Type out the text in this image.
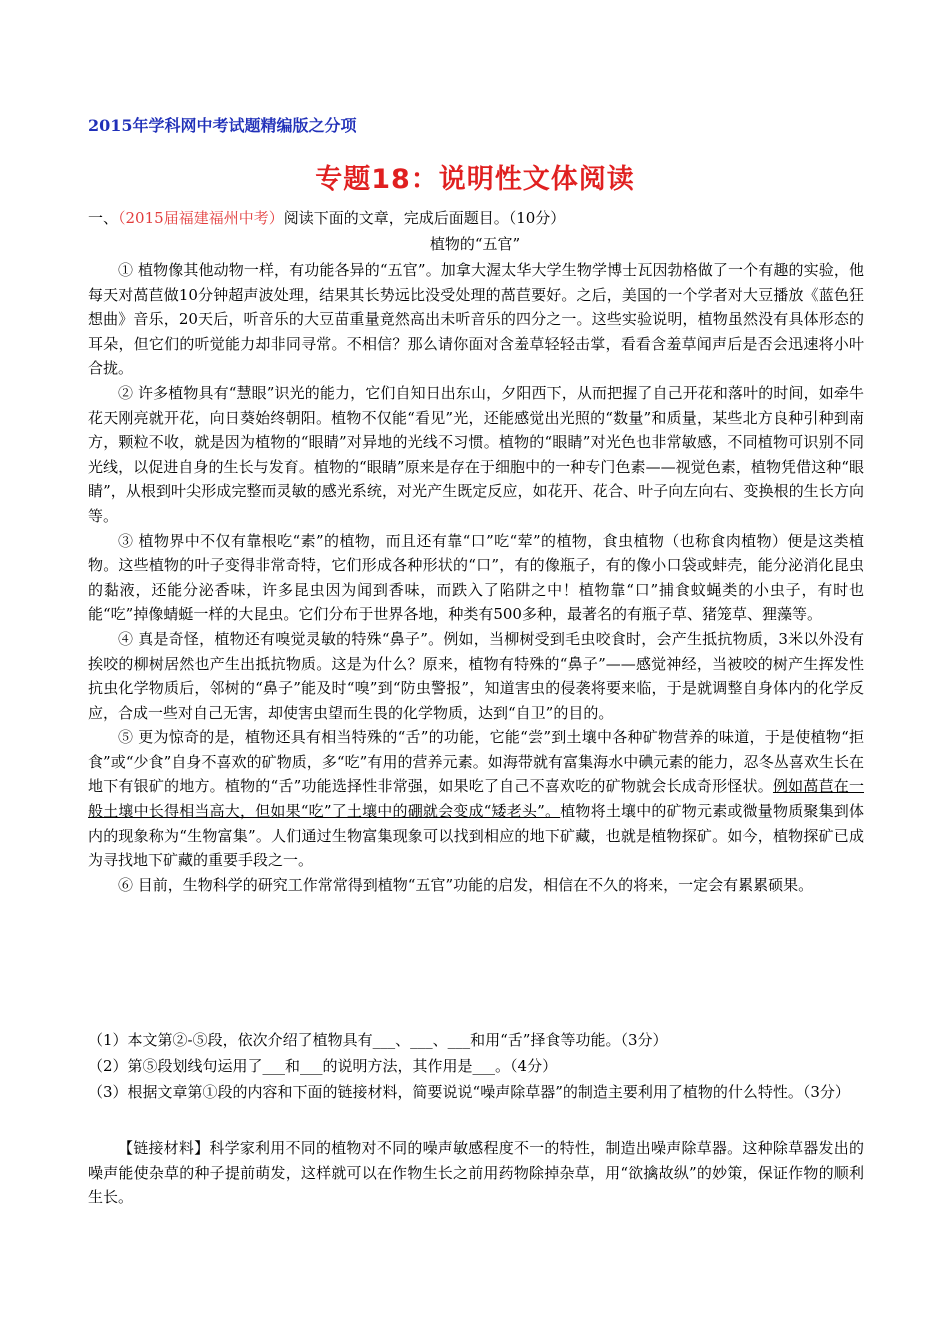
2015年学科网中考试题精编版之分项
专题18：说明性文体阅读
一、（2015届福建福州中考）阅读下面的文章，完成后面题目。（10分）
植物的“五官”

① 植物像其他动物一样，有功能各异的“五官”。加拿大渥太华大学生物学博士瓦因勃格做了一个有趣的实验，他每天对萵苣做10分钟超声波处理，结果其长势远比没受处理的萵苣要好。之后，美国的一个学者对大豆播放《蓝色狂想曲》音乐，20天后，听音乐的大豆苗重量竟然高出未听音乐的四分之一。这些实验说明，植物虽然没有具体形态的耳朵，但它们的听觉能力却非同寻常。不相信？那么请你面对含羞草轻轻击掌，看看含羞草闻声后是否会迅速将小叶合拢。

② 许多植物具有“慧眼”识光的能力，它们自知日出东山，夕阳西下，从而把握了自己开花和落叶的时间，如牵牛花天刚亮就开花，向日葵始终朝阳。植物不仅能“看见”光，还能感觉出光照的“数量”和质量，某些北方良种引种到南方，颗粒不收，就是因为植物的“眼睛”对异地的光线不习惯。植物的“眼睛”对光色也非常敏感，不同植物可识别不同光线，以促进自身的生长与发育。植物的“眼睛”原来是存在于细胞中的一种专门色素——视觉色素，植物凭借这种“眼睛”，从根到叶尖形成完整而灵敏的感光系统，对光产生既定反应，如花开、花合、叶子向左向右、变换根的生长方向等。

③ 植物界中不仅有靠根吃“素”的植物，而且还有靠“口”吃“荤”的植物，食虫植物（也称食肉植物）便是这类植物。这些植物的叶子变得非常奇特，它们形成各种形状的“口”，有的像瓶子，有的像小口袋或蚌壳，能分泌消化昆虫的黏液，还能分泌香味，许多昆虫因为闻到香味，而跌入了陷阱之中！植物靠“口”捕食蚊蝇类的小虫子，有时也能“吃”掉像蜻蜓一样的大昆虫。它们分布于世界各地，种类有500多种，最著名的有瓶子草、猪笼草、狸藻等。

④ 真是奇怪，植物还有嗅觉灵敏的特殊“鼻子”。例如，当柳树受到毛虫咬食时，会产生抵抗物质，3米以外没有挨咬的柳树居然也产生出抵抗物质。这是为什么？原来，植物有特殊的“鼻子”——感觉神经，当被咬的树产生挥发性抗虫化学物质后，邻树的“鼻子”能及时“嗅”到“防虫警报”，知道害虫的侵袭将要来临，于是就调整自身体内的化学反应，合成一些对自己无害，却使害虫望而生畏的化学物质，达到“自卫”的目的。

⑤ 更为惊奇的是，植物还具有相当特殊的“舌”的功能，它能“尝”到土壤中各种矿物营养的味道，于是使植物“拒食”或“少食”自身不喜欢的矿物质，多“吃”有用的营养元素。如海带就有富集海水中碘元素的能力，忍冬丛喜欢生长在地下有银矿的地方。植物的“舌”功能选择性非常强，如果吃了自己不喜欢吃的矿物就会长成奇形怪状。例如萵苣在一般土壤中长得相当高大，但如果“吃”了土壤中的硼就会变成“矮老头”。植物将土壤中的矿物元素或微量物质聚集到体内的现象称为“生物富集”。人们通过生物富集现象可以找到相应的地下矿藏，也就是植物探矿。如今，植物探矿已成为寻找地下矿藏的重要手段之一。

⑥ 目前，生物科学的研究工作常常得到植物“五官”功能的启发，相信在不久的将来，一定会有累累硕果。

（1）本文第②-⑤段，依次介绍了植物具有___、___、___和用“舌”择食等功能。（3分）

（2）第⑤段划线句运用了___和___的说明方法，其作用是___。（4分）

（3）根据文章第①段的内容和下面的链接材料，简要说说“噪声除草器”的制造主要利用了植物的什么特性。（3分）

【链接材料】科学家利用不同的植物对不同的噪声敏感程度不一的特性，制造出噪声除草器。这种除草器发出的噪声能使杂草的种子提前萌发，这样就可以在作物生长之前用药物除掉杂草，用“欲擒故纵”的妙策，保证作物的顺利生长。
